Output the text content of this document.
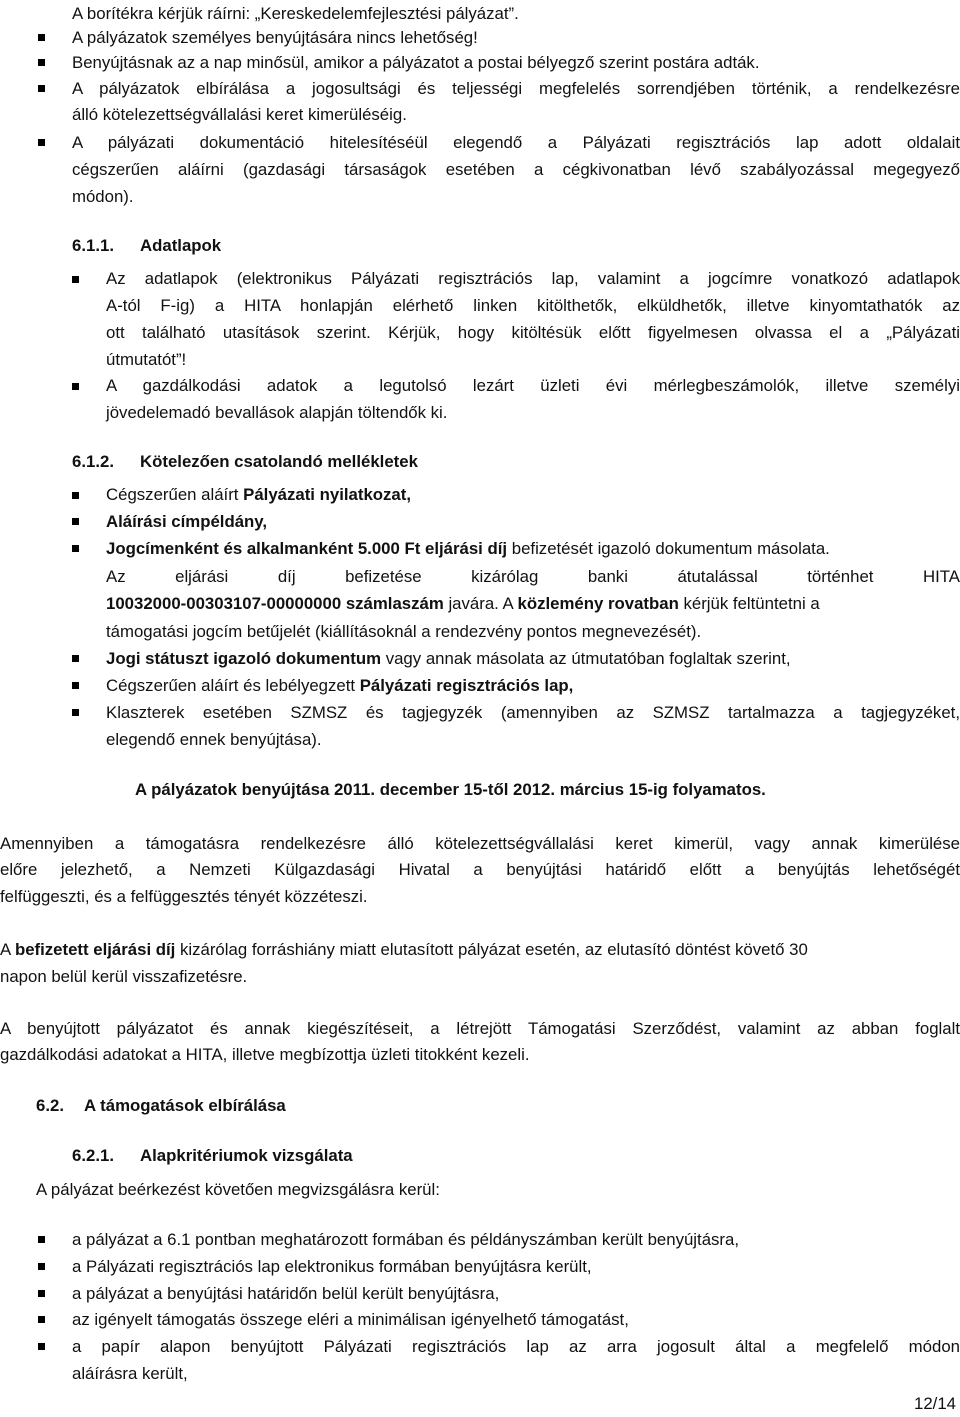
A borítékra kérjük ráírni: „Kereskedelemfejlesztési pályázat”.
A pályázatok személyes benyújtására nincs lehetőség!
Benyújtásnak az a nap minősül, amikor a pályázatot a postai bélyegző szerint postára adták.
A pályázatok elbírálása a jogosultsági és teljességi megfelelés sorrendjében történik, a rendelkezésre
álló kötelezettségvállalási keret kimerüléséig.
A pályázati dokumentáció hitelesítéséül elegendő a Pályázati regisztrációs lap adott oldalait
cégszerűen aláírni (gazdasági társaságok esetében a cégkivonatban lévő szabályozással megegyező
módon).
6.1.1. Adatlapok
Az adatlapok (elektronikus Pályázati regisztrációs lap, valamint a jogcímre vonatkozó adatlapok
A-tól F-ig) a HITA honlapján elérhető linken kitölthetők, elküldhetők, illetve kinyomtathatók az
ott található utasítások szerint. Kérjük, hogy kitöltésük előtt figyelmesen olvassa el a „Pályázati
útmutatót”!
A gazdálkodási adatok a legutolsó lezárt üzleti évi mérlegbeszámolók, illetve személyi
jövedelemadó bevallások alapján töltendők ki.
6.1.2. Kötelezően csatolandó mellékletek
Cégszerűen aláírt Pályázati nyilatkozat,
Aláírási címpéldány,
Jogcímenként és alkalmanként 5.000 Ft eljárási díj befizetését igazoló dokumentum másolata.
Az eljárási díj befizetése kizárólag banki átutalással történhet HITA
10032000-00303107-00000000 számlaszám javára. A közlemény rovatban kérjük feltüntetni a
támogatási jogcím betűjelét (kiállításoknál a rendezvény pontos megnevezését).
Jogi státuszt igazoló dokumentum vagy annak másolata az útmutatóban foglaltak szerint,
Cégszerűen aláírt és lebélyegzett Pályázati regisztrációs lap,
Klaszterek esetében SZMSZ és tagjegyzék (amennyiben az SZMSZ tartalmazza a tagjegyzéket,
elegendő ennek benyújtása).
A pályázatok benyújtása 2011. december 15-től 2012. március 15-ig folyamatos.
Amennyiben a támogatásra rendelkezésre álló kötelezettségvállalási keret kimerül, vagy annak kimerülése
előre jelezhető, a Nemzeti Külgazdasági Hivatal a benyújtási határidő előtt a benyújtás lehetőségét
felfüggeszti, és a felfüggesztés tényét közzéteszi.
A befizetett eljárási díj kizárólag forráshiány miatt elutasított pályázat esetén, az elutasító döntést követő 30
napon belül kerül visszafizetésre.
A benyújtott pályázatot és annak kiegészítéseit, a létrejött Támogatási Szerződést, valamint az abban foglalt
gazdálkodási adatokat a HITA, illetve megbízottja üzleti titokként kezeli.
6.2. A támogatások elbírálása
6.2.1. Alapkritériumok vizsgálata
A pályázat beérkezést követően megvizsgálásra kerül:
a pályázat a 6.1 pontban meghatározott formában és példányszámban került benyújtásra,
a Pályázati regisztrációs lap elektronikus formában benyújtásra került,
a pályázat a benyújtási határidőn belül került benyújtásra,
az igényelt támogatás összege eléri a minimálisan igényelhető támogatást,
a papír alapon benyújtott Pályázati regisztrációs lap az arra jogosult által a megfelelő módon
aláírásra került,
12/14
